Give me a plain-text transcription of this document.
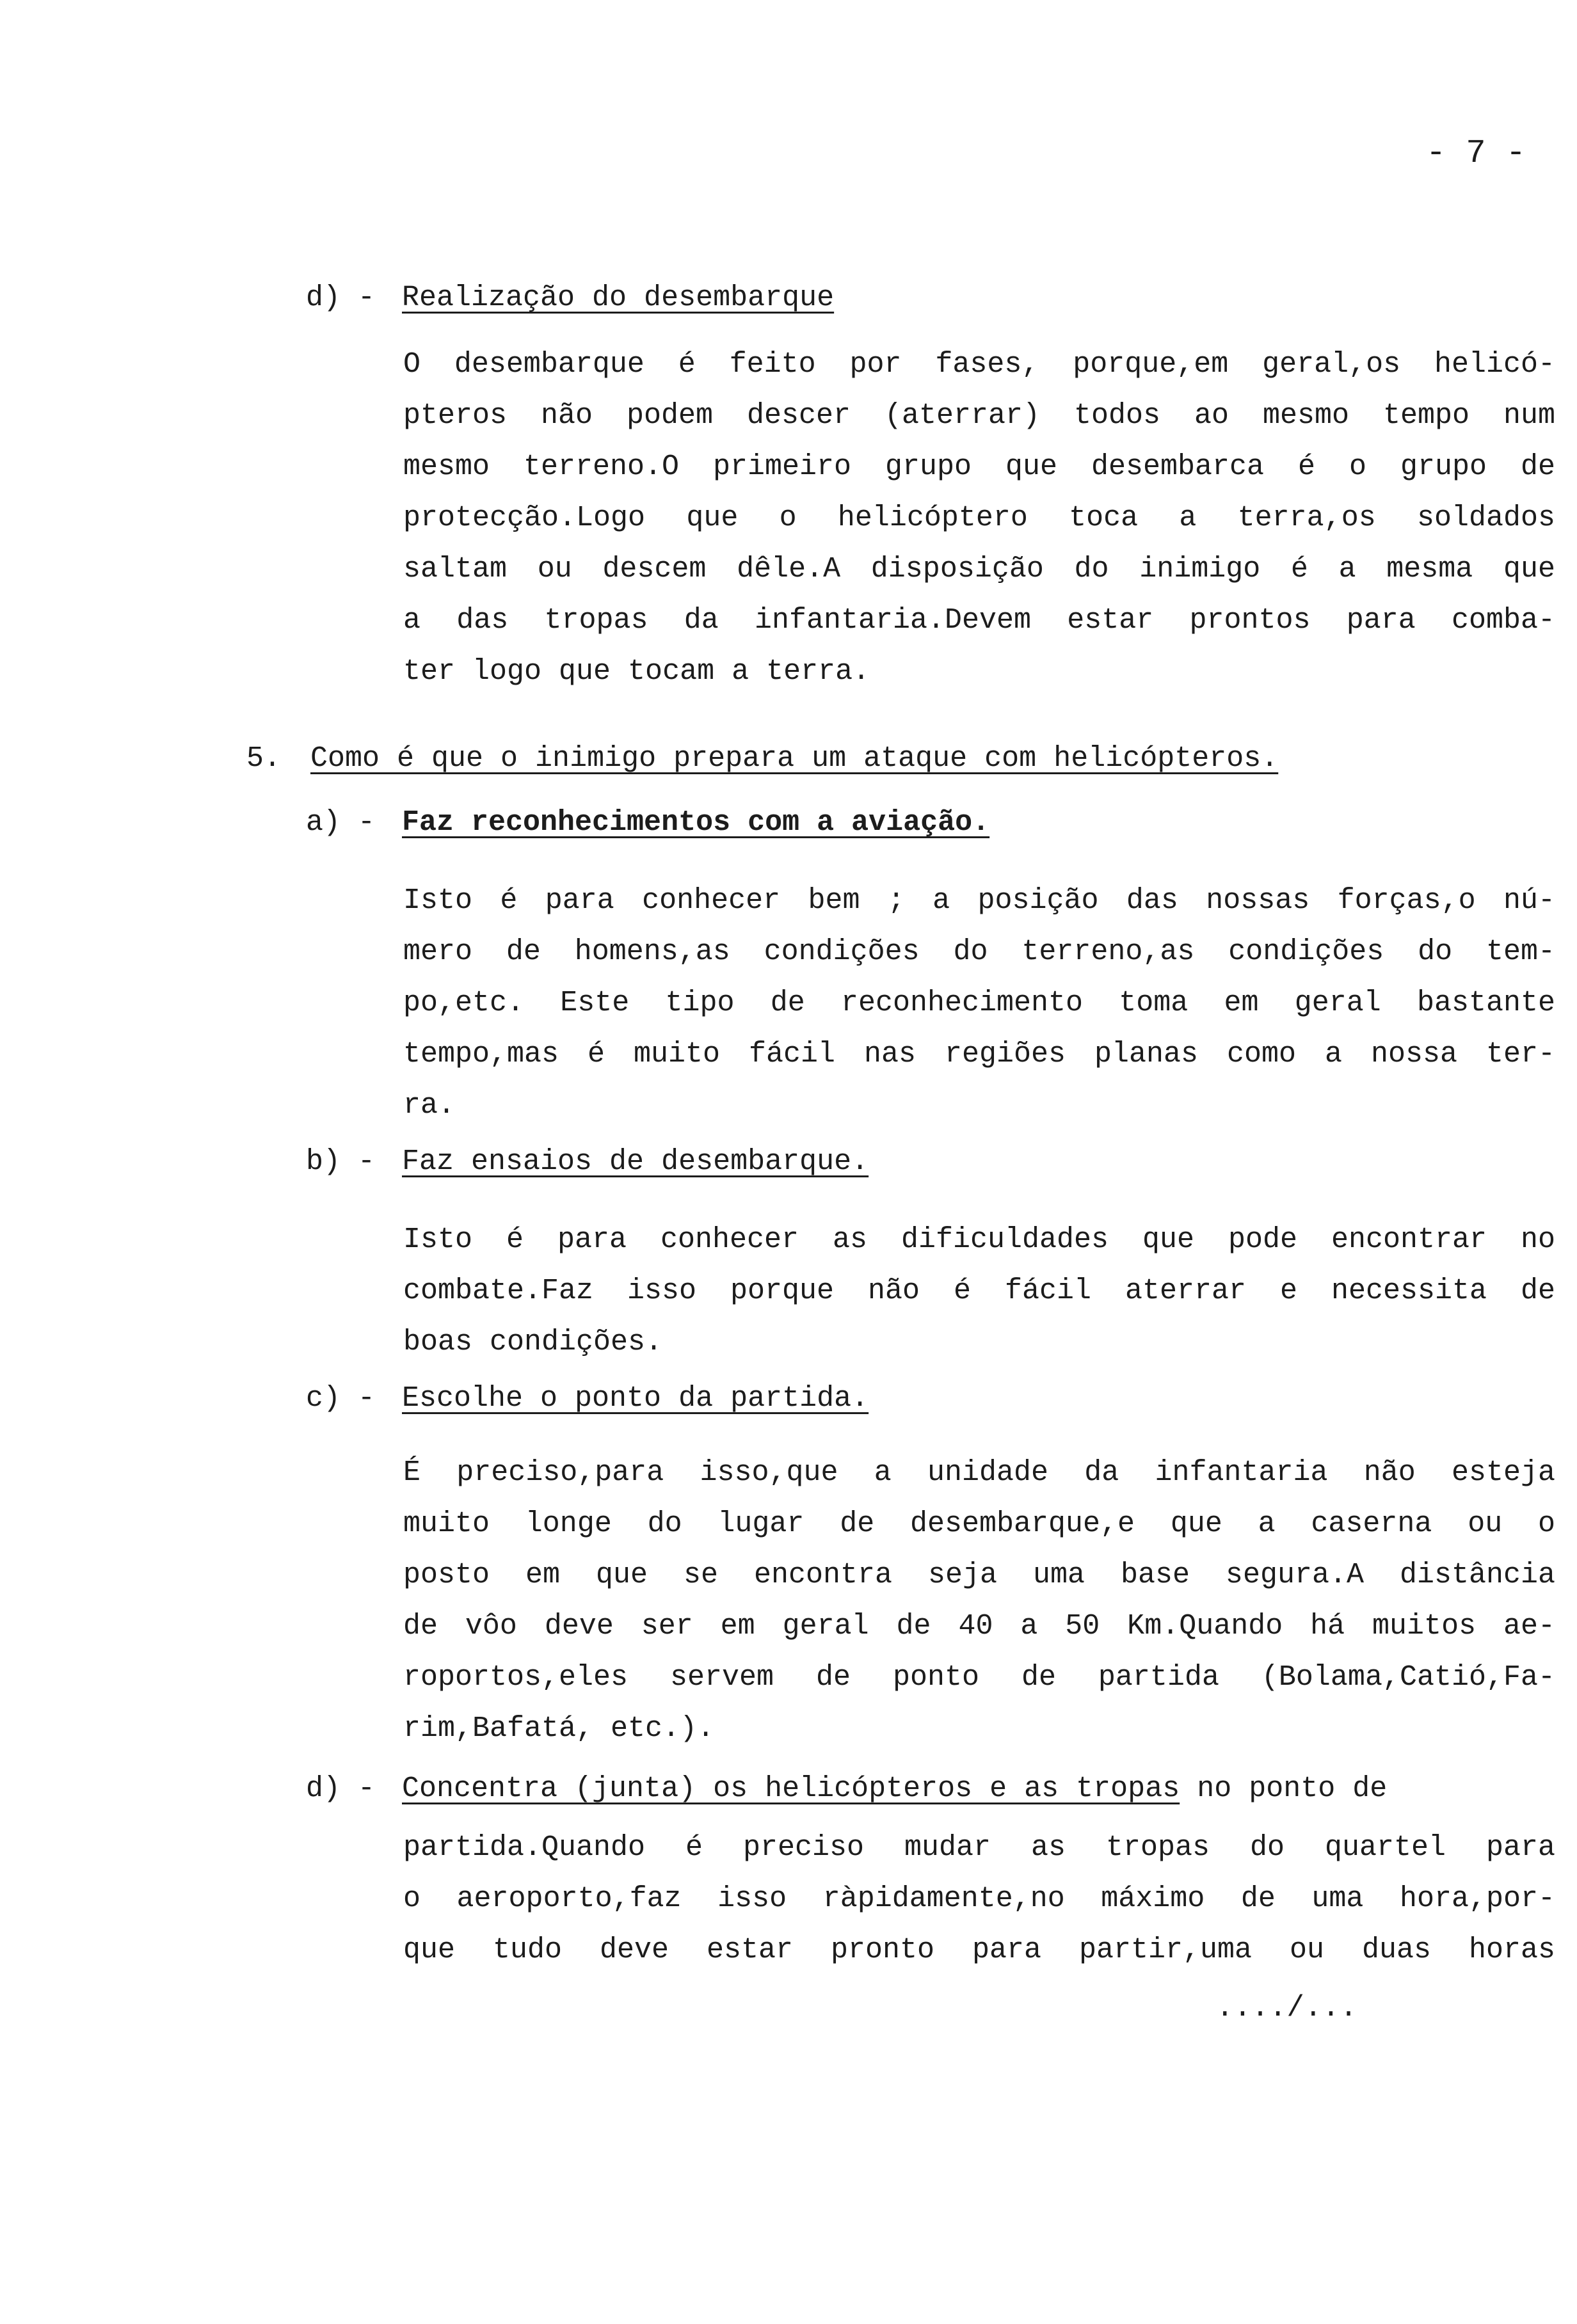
- 7 -
d) - Realização do desembarque
O desembarque é feito por fases, porque,em geral,os helicó-
pteros não podem descer (aterrar) todos ao mesmo tempo num
mesmo terreno.O primeiro grupo que desembarca é o grupo de
protecção.Logo que o helicóptero toca a terra,os soldados
saltam ou descem dêle.A disposição do inimigo é a mesma que
a das tropas da infantaria.Devem estar prontos para comba-
ter logo que tocam a terra.
5. Como é que o inimigo prepara um ataque com helicópteros.
a) - Faz reconhecimentos com a aviação.
Isto é para conhecer bem ; a posição das nossas forças,o nú-
mero de homens,as condições do terreno,as condições do tem-
po,etc. Este tipo de reconhecimento toma em geral bastante
tempo,mas é muito fácil nas regiões planas como a nossa ter-
ra.
b) - Faz ensaios de desembarque.
Isto é para conhecer as dificuldades que pode encontrar no
combate.Faz isso porque não é fácil aterrar e necessita de
boas condições.
c) - Escolhe o ponto da partida.
É preciso,para isso,que a unidade da infantaria não esteja
muito longe do lugar de desembarque,e que a caserna ou o
posto em que se encontra seja uma base segura.A distância
de vôo deve ser em geral de 40 a 50 Km.Quando há muitos ae-
roportos,eles servem de ponto de partida (Bolama,Catió,Fa-
rim,Bafatá, etc.).
d) - Concentra (junta) os helicópteros e as tropas no ponto de
partida.Quando é preciso mudar as tropas do quartel para
o aeroporto,faz isso ràpidamente,no máximo de uma hora,por-
que tudo deve estar pronto para partir,uma ou duas horas
..../...
